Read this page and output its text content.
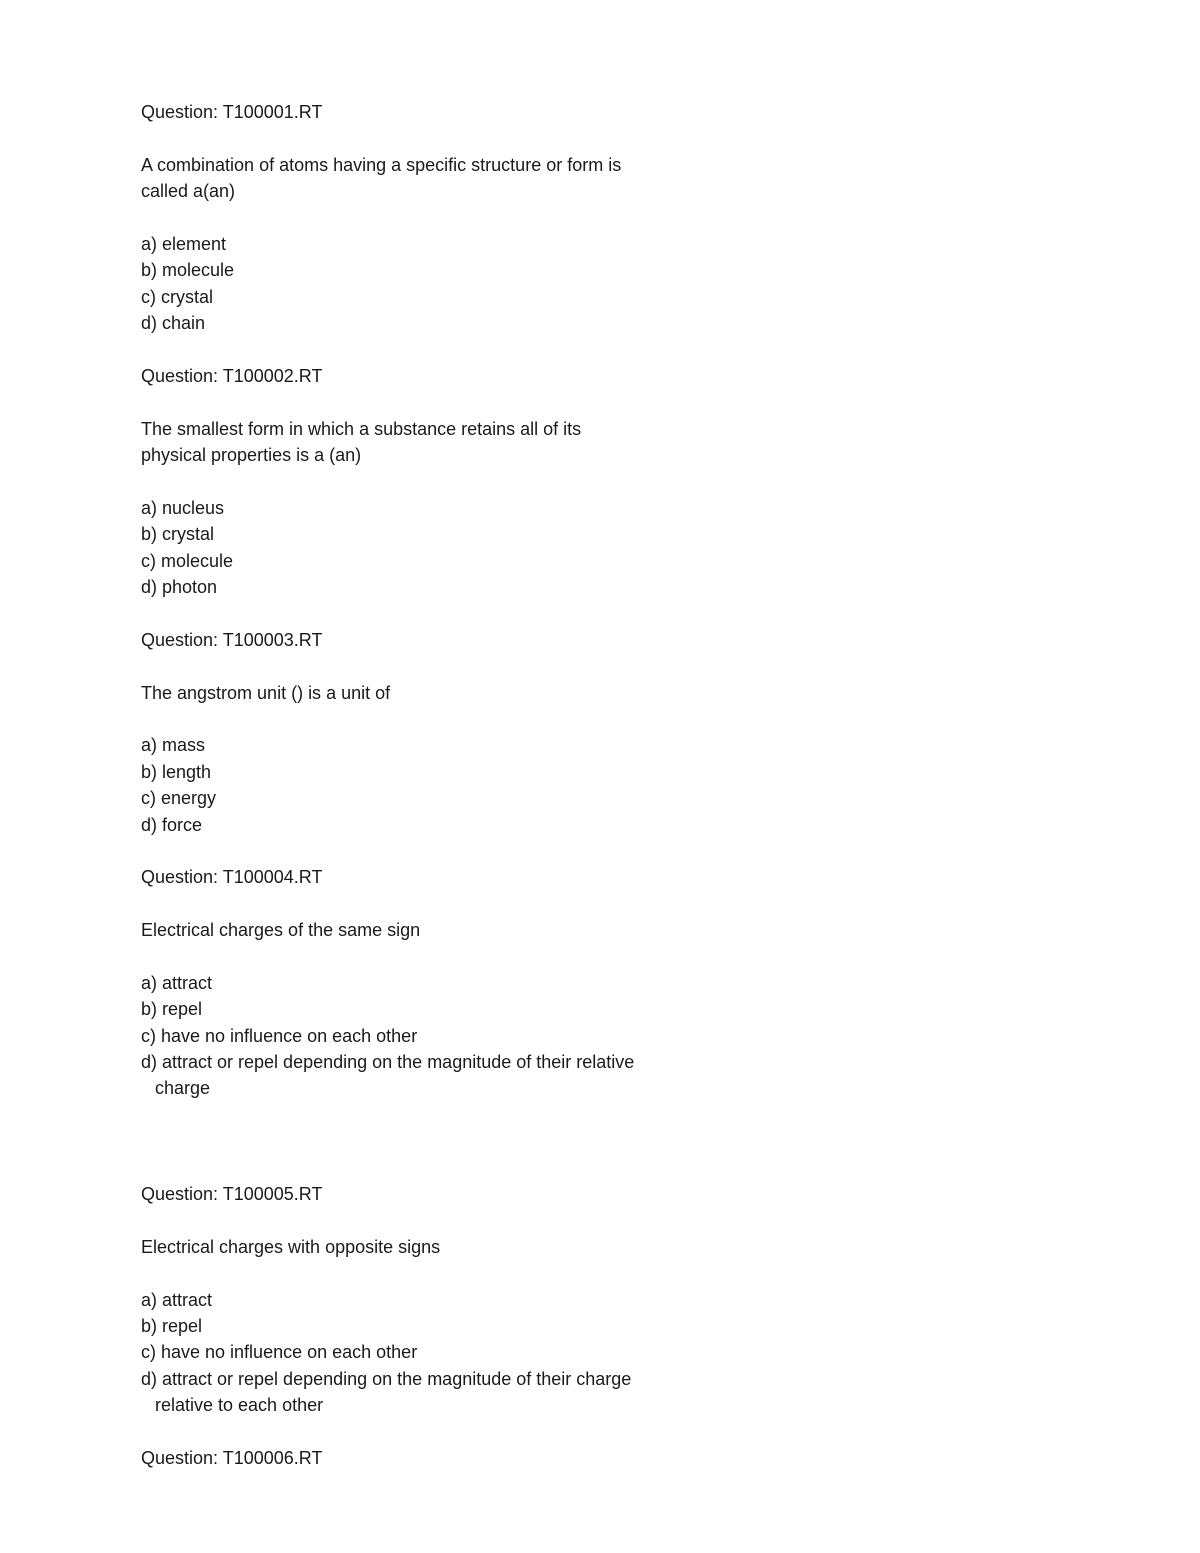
Question: T100001.RT
A combination of atoms having a specific structure or form is
called a(an)
a) element
b) molecule
c) crystal
d) chain
Question: T100002.RT
The smallest form in which a substance retains all of its
physical properties is a (an)
a) nucleus
b) crystal
c) molecule
d) photon
Question: T100003.RT
The angstrom unit () is a unit of
a) mass
b) length
c) energy
d) force
Question: T100004.RT
Electrical charges of the same sign
a) attract
b) repel
c) have no influence on each other
d) attract or repel depending on the magnitude of their relative
charge
Question: T100005.RT
Electrical charges with opposite signs
a) attract
b) repel
c) have no influence on each other
d) attract or repel depending on the magnitude of their charge
relative to each other
Question: T100006.RT
